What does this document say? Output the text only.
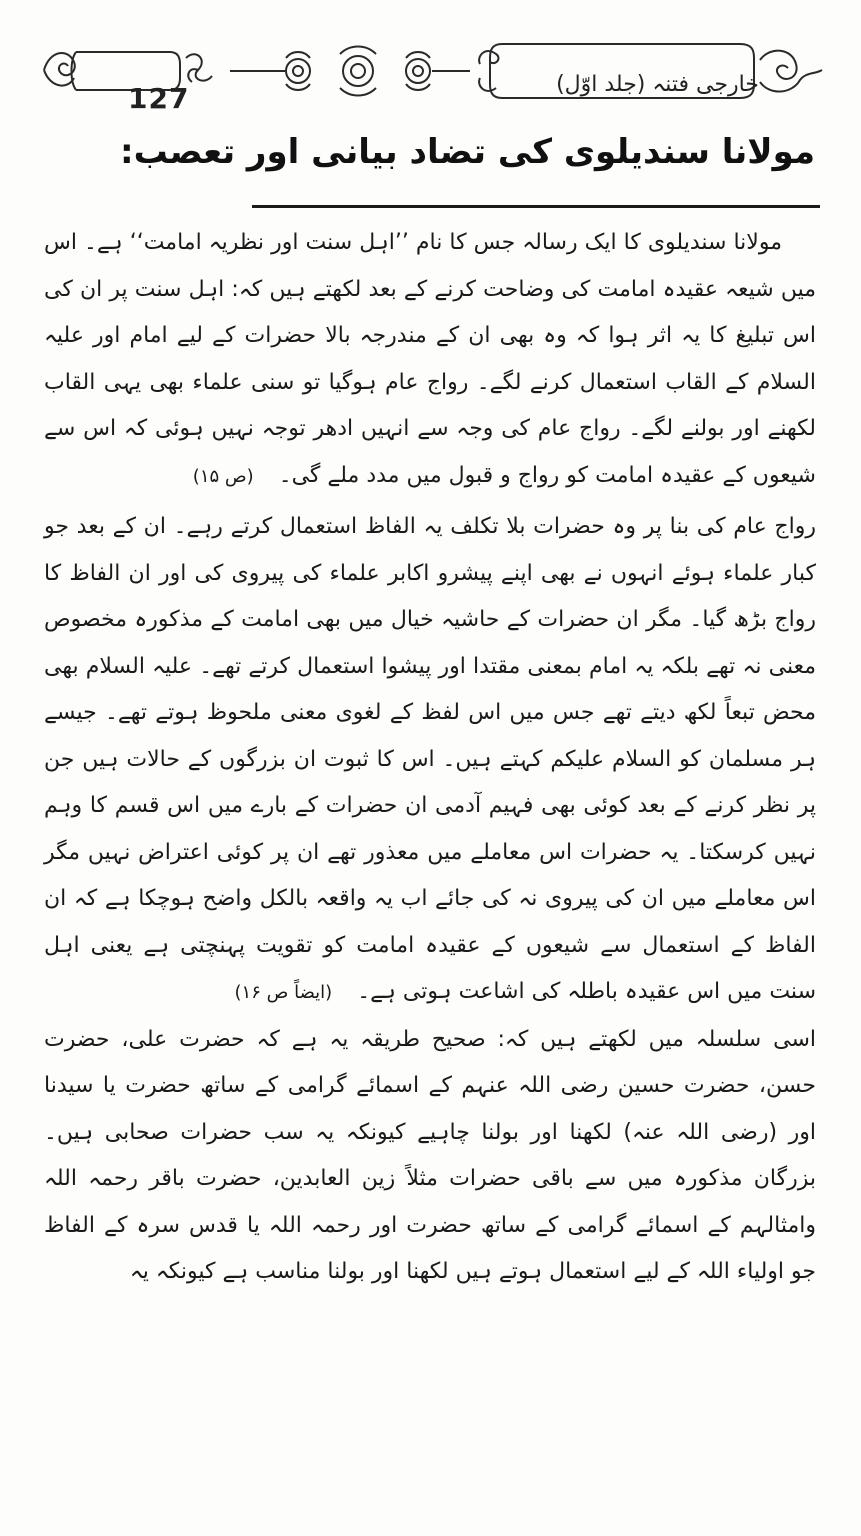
127	خارجی فتنہ (جلد اوّل)
مولانا سندیلوی کی تضاد بیانی اور تعصب:

مولانا سندیلوی کا ایک رسالہ جس کا نام ’’اہل سنت اور نظریہ امامت‘‘ ہے۔ اس میں شیعہ عقیدہ امامت کی وضاحت کرنے کے بعد لکھتے ہیں کہ: اہل سنت پر ان کی اس تبلیغ کا یہ اثر ہوا کہ وہ بھی ان کے مندرجہ بالا حضرات کے لیے امام اور علیہ السلام کے القاب استعمال کرنے لگے۔ رواج عام ہوگیا تو سنی علماء بھی یہی القاب لکھنے اور بولنے لگے۔ رواج عام کی وجہ سے انہیں ادھر توجہ نہیں ہوئی کہ اس سے شیعوں کے عقیدہ امامت کو رواج و قبول میں مدد ملے گی۔ (ص ۱۵)

رواج عام کی بنا پر وہ حضرات بلا تکلف یہ الفاظ استعمال کرتے رہے۔ ان کے بعد جو کبار علماء ہوئے انہوں نے بھی اپنے پیشرو اکابر علماء کی پیروی کی اور ان الفاظ کا رواج بڑھ گیا۔ مگر ان حضرات کے حاشیہ خیال میں بھی امامت کے مذکورہ مخصوص معنی نہ تھے بلکہ یہ امام بمعنی مقتدا اور پیشوا استعمال کرتے تھے۔ علیہ السلام بھی محض تبعاً لکھ دیتے تھے جس میں اس لفظ کے لغوی معنی ملحوظ ہوتے تھے۔ جیسے ہر مسلمان کو السلام علیکم کہتے ہیں۔ اس کا ثبوت ان بزرگوں کے حالات ہیں جن پر نظر کرنے کے بعد کوئی بھی فہیم آدمی ان حضرات کے بارے میں اس قسم کا وہم نہیں کرسکتا۔ یہ حضرات اس معاملے میں معذور تھے ان پر کوئی اعتراض نہیں مگر اس معاملے میں ان کی پیروی نہ کی جائے اب یہ واقعہ بالکل واضح ہوچکا ہے کہ ان الفاظ کے استعمال سے شیعوں کے عقیدہ امامت کو تقویت پہنچتی ہے یعنی اہل سنت میں اس عقیدہ باطلہ کی اشاعت ہوتی ہے۔ (ایضاً ص ۱۶)

اسی سلسلہ میں لکھتے ہیں کہ: صحیح طریقہ یہ ہے کہ حضرت علی، حضرت حسن، حضرت حسین رضی اللہ عنہم کے اسمائے گرامی کے ساتھ حضرت یا سیدنا اور (رضی اللہ عنہ) لکھنا اور بولنا چاہیے کیونکہ یہ سب حضرات صحابی ہیں۔ بزرگان مذکورہ میں سے باقی حضرات مثلاً زین العابدین، حضرت باقر رحمہ اللہ وامثالہم کے اسمائے گرامی کے ساتھ حضرت اور رحمہ اللہ یا قدس سرہ کے الفاظ جو اولیاء اللہ کے لیے استعمال ہوتے ہیں لکھنا اور بولنا مناسب ہے کیونکہ یہ
